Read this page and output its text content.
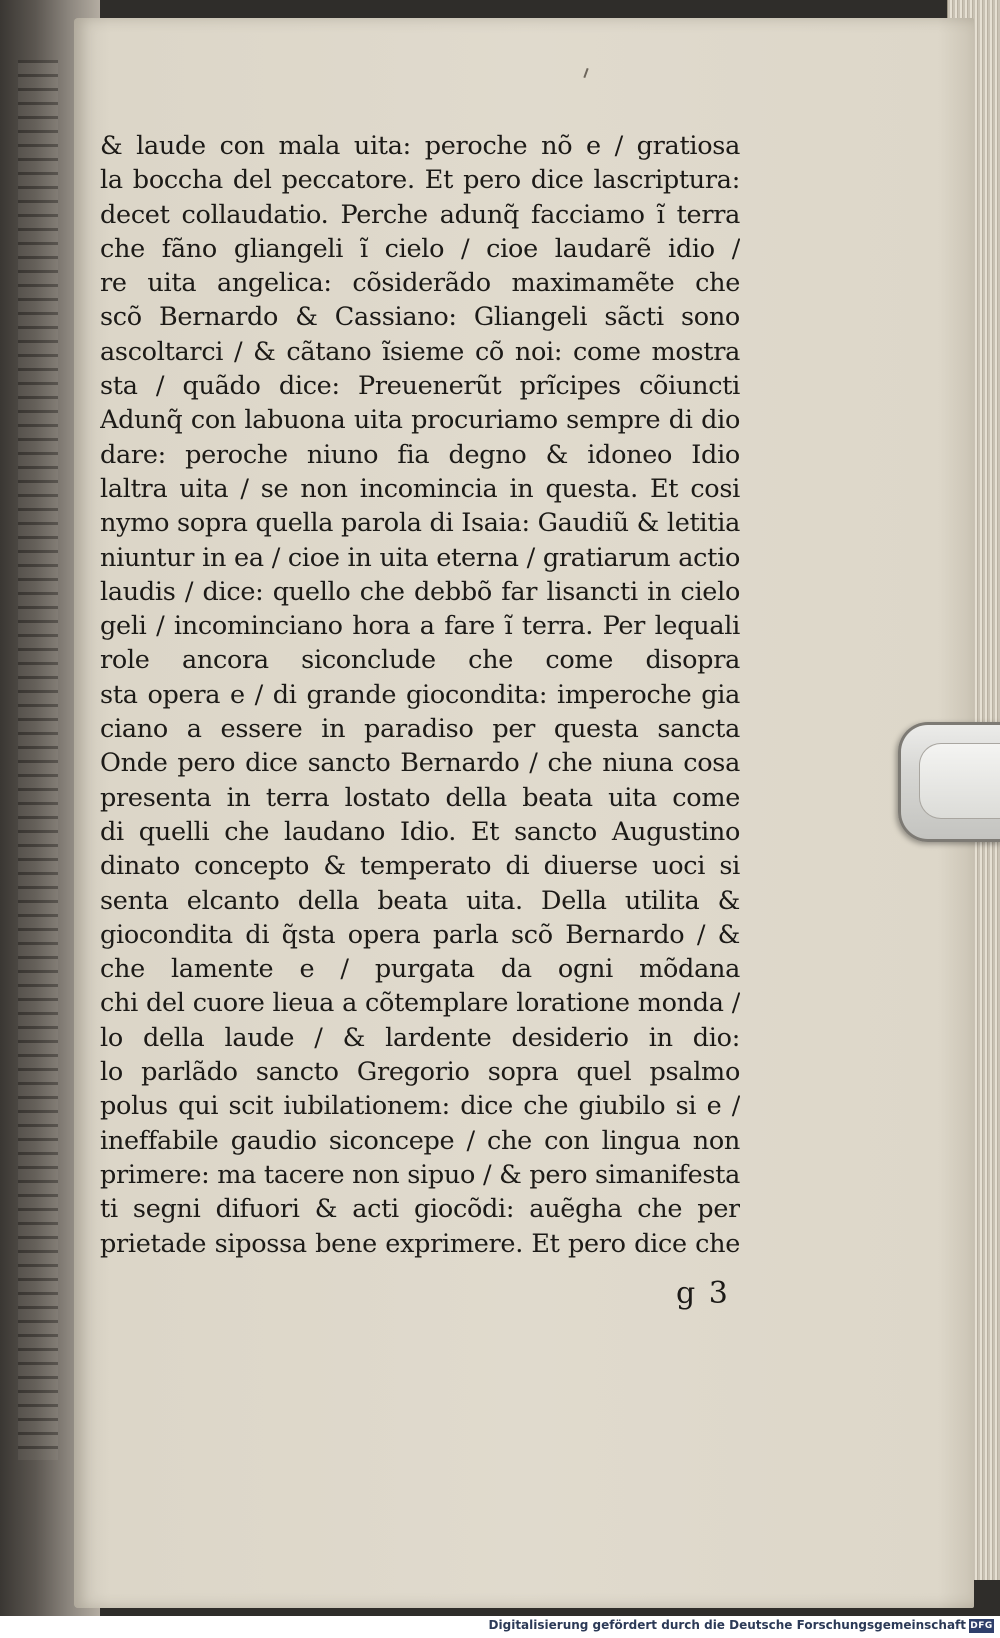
& laude con mala uita: peroche nõ e / gratiosa
la boccha del peccatore. Et pero dice lascriptura:
decet collaudatio. Perche adunq̃ facciamo ĩ terra
che fãno gliangeli ĩ cielo / cioe laudarẽ idio /
re uita angelica: cõsiderãdo maximamẽte che
scõ Bernardo & Cassiano: Gliangeli sãcti sono
ascoltarci / & cãtano ĩsieme cõ noi: come mostra
sta / quãdo dice: Preuenerũt prĩcipes cõiuncti
Adunq̃ con labuona uita procuriamo sempre di dio
dare: peroche niuno fia degno & idoneo Idio
laltra uita / se non incomincia in questa. Et cosi
nymo sopra quella parola di Isaia: Gaudiũ & letitia
niuntur in ea / cioe in uita eterna / gratiarum actio
laudis / dice: quello che debbõ far lisancti in cielo
geli / incominciano hora a fare ĩ terra. Per lequali
role ancora siconclude che come disopra
sta opera e / di grande giocondita: imperoche gia
ciano a essere in paradiso per questa sancta
Onde pero dice sancto Bernardo / che niuna cosa
presenta in terra lostato della beata uita come
di quelli che laudano Idio. Et sancto Augustino
dinato concepto & temperato di diuerse uoci si
senta elcanto della beata uita. Della utilita &
giocondita di q̃sta opera parla scõ Bernardo / &
che lamente e / purgata da ogni mõdana
chi del cuore lieua a cõtemplare loratione monda /
lo della laude / & lardente desiderio in dio:
lo parlãdo sancto Gregorio sopra quel psalmo
polus qui scit iubilationem: dice che giubilo si e /
ineffabile gaudio siconcepe / che con lingua non
primere: ma tacere non sipuo / & pero simanifesta
ti segni difuori & acti giocõdi: auẽgha che per
prietade sipossa bene exprimere. Et pero dice che
g 3
Digitalisierung gefördert durch die Deutsche Forschungsgemeinschaft DFG
